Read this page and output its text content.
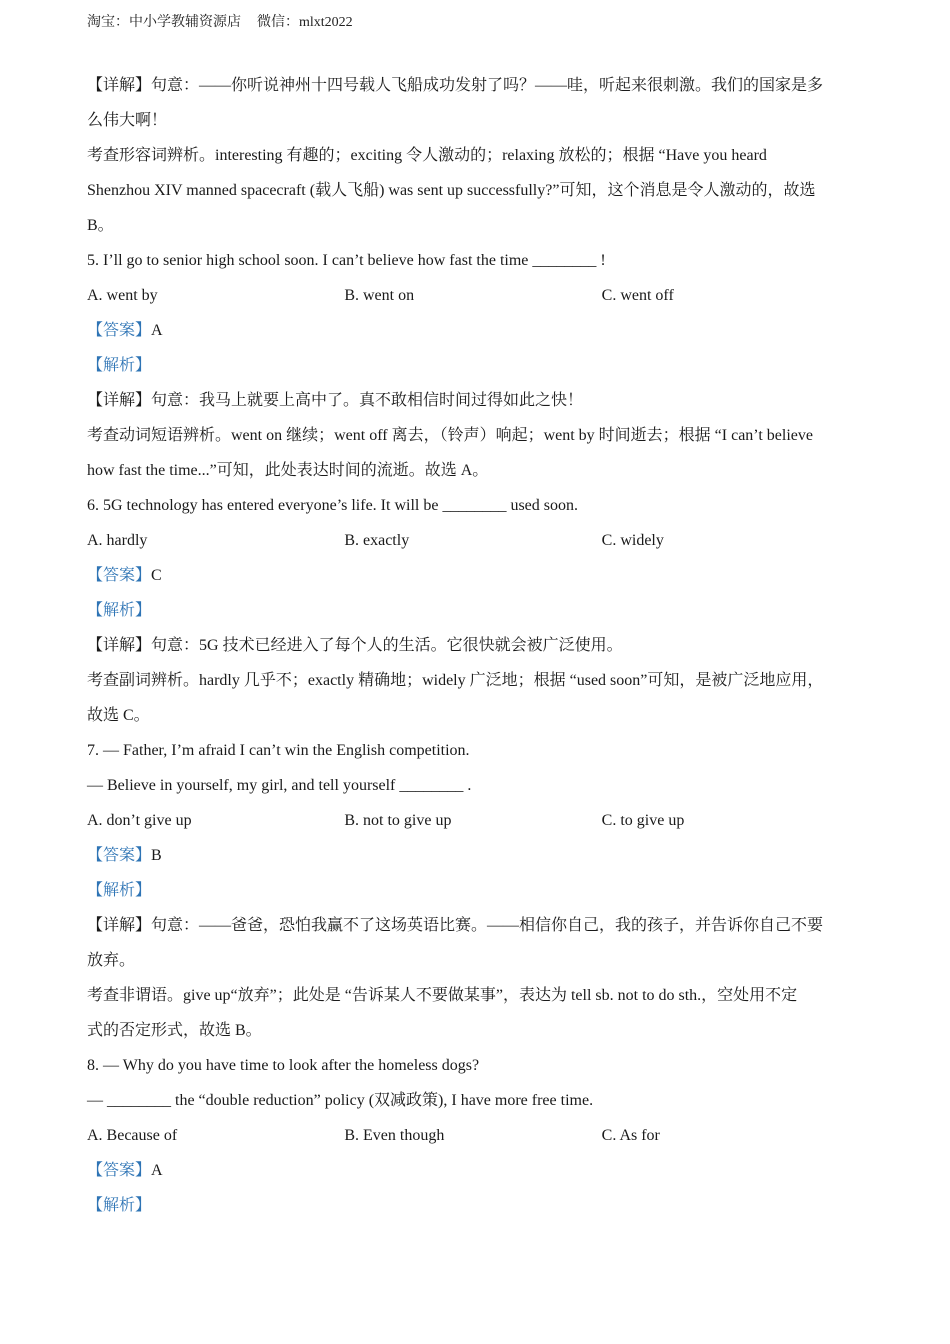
淘宝：中小学教辅资源店 微信：mlxt2022

【详解】句意：——你听说神州十四号载人飞船成功发射了吗？——哇，听起来很刺激。我们的国家是多

么伟大啊！

考查形容词辨析。interesting 有趣的；exciting 令人激动的；relaxing 放松的；根据 “Have you heard

Shenzhou XIV manned spacecraft (载人飞船) was sent up successfully?”可知，这个消息是令人激动的，故选

B。

5. I’ll go to senior high school soon. I can’t believe how fast the time ________ !

A. went by	B. went on	C. went off

【答案】A

【解析】

【详解】句意：我马上就要上高中了。真不敢相信时间过得如此之快！

考查动词短语辨析。went on 继续；went off 离去，（铃声）响起；went by 时间逝去；根据 “I can’t believe

how fast the time...”可知，此处表达时间的流逝。故选 A。

6. 5G technology has entered everyone’s life. It will be ________ used soon.

A. hardly	B. exactly	C. widely

【答案】C

【解析】

【详解】句意：5G 技术已经进入了每个人的生活。它很快就会被广泛使用。

考查副词辨析。hardly 几乎不；exactly 精确地；widely 广泛地；根据 “used soon”可知，是被广泛地应用，

故选 C。

7. — Father, I’m afraid I can’t win the English competition.

— Believe in yourself, my girl, and tell yourself ________ .

A. don’t give up	B. not to give up	C. to give up

【答案】B

【解析】

【详解】句意：——爸爸，恐怕我赢不了这场英语比赛。——相信你自己，我的孩子，并告诉你自己不要

放弃。

考查非谓语。give up“放弃”；此处是 “告诉某人不要做某事”，表达为 tell sb. not to do sth.，空处用不定

式的否定形式，故选 B。

8. — Why do you have time to look after the homeless dogs?

— ________ the “double reduction” policy (双减政策), I have more free time.

A. Because of	B. Even though	C. As for

【答案】A

【解析】
